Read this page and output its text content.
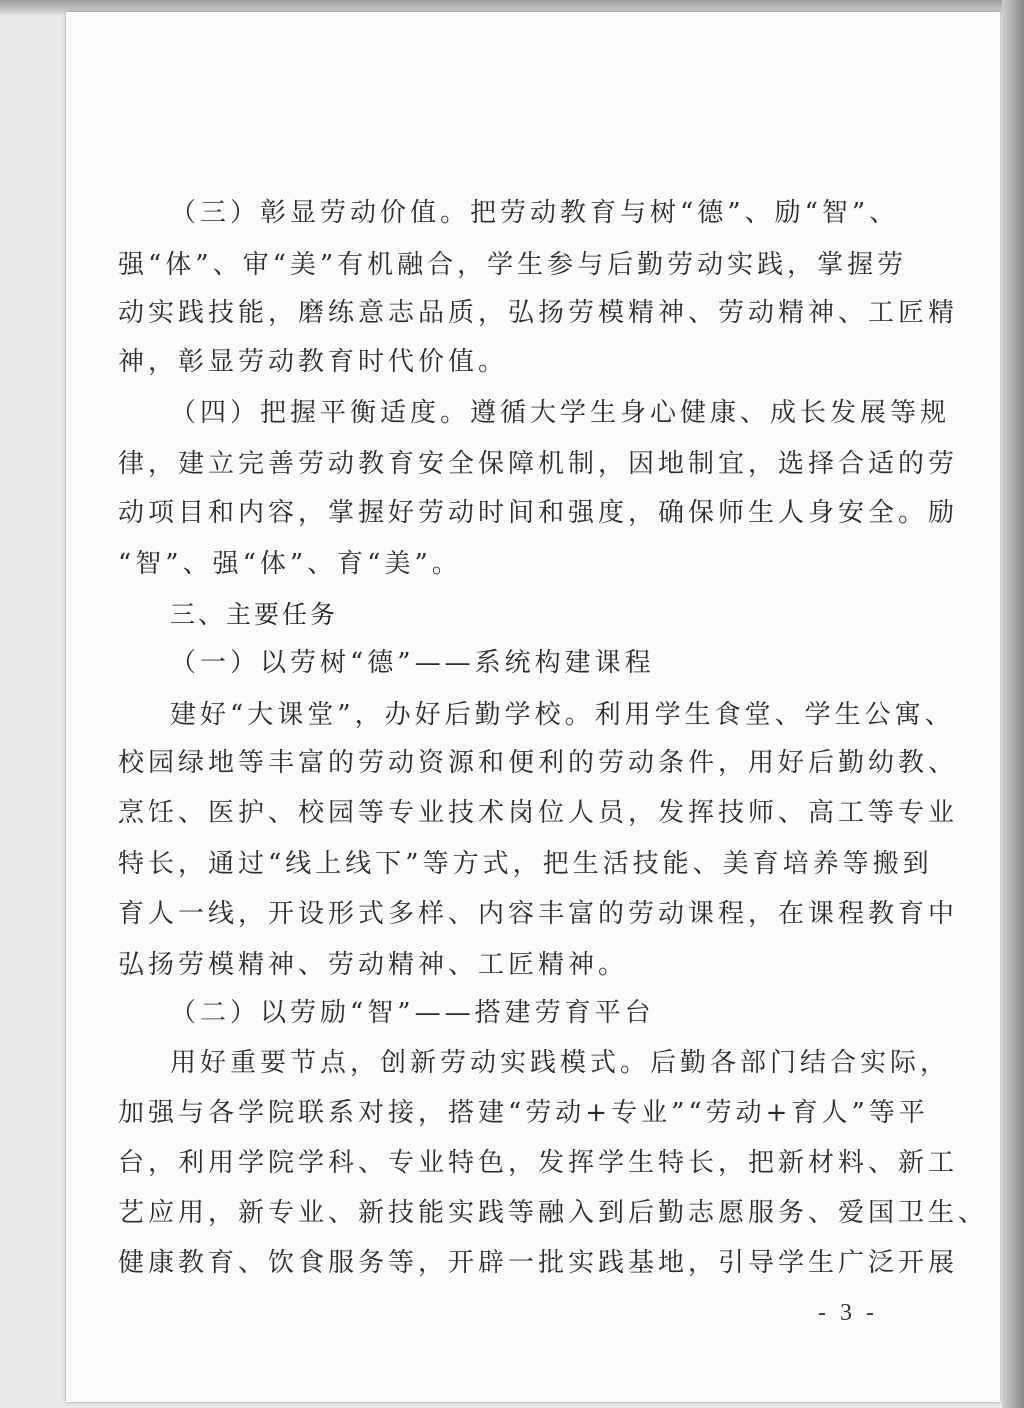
（三）彰显劳动价值。把劳动教育与树“德”、励“智”、
强“体”、审“美”有机融合，学生参与后勤劳动实践，掌握劳
动实践技能，磨练意志品质，弘扬劳模精神、劳动精神、工匠精
神，彰显劳动教育时代价值。
（四）把握平衡适度。遵循大学生身心健康、成长发展等规
律，建立完善劳动教育安全保障机制，因地制宜，选择合适的劳
动项目和内容，掌握好劳动时间和强度，确保师生人身安全。励
“智”、强“体”、育“美”。
三、主要任务
（一）以劳树“德”——系统构建课程
建好“大课堂”，办好后勤学校。利用学生食堂、学生公寓、
校园绿地等丰富的劳动资源和便利的劳动条件，用好后勤幼教、
烹饪、医护、校园等专业技术岗位人员，发挥技师、高工等专业
特长，通过“线上线下”等方式，把生活技能、美育培养等搬到
育人一线，开设形式多样、内容丰富的劳动课程，在课程教育中
弘扬劳模精神、劳动精神、工匠精神。
（二）以劳励“智”——搭建劳育平台
用好重要节点，创新劳动实践模式。后勤各部门结合实际，
加强与各学院联系对接，搭建“劳动+专业”“劳动+育人”等平
台，利用学院学科、专业特色，发挥学生特长，把新材料、新工
艺应用，新专业、新技能实践等融入到后勤志愿服务、爱国卫生、
健康教育、饮食服务等，开辟一批实践基地，引导学生广泛开展
- 3 -
